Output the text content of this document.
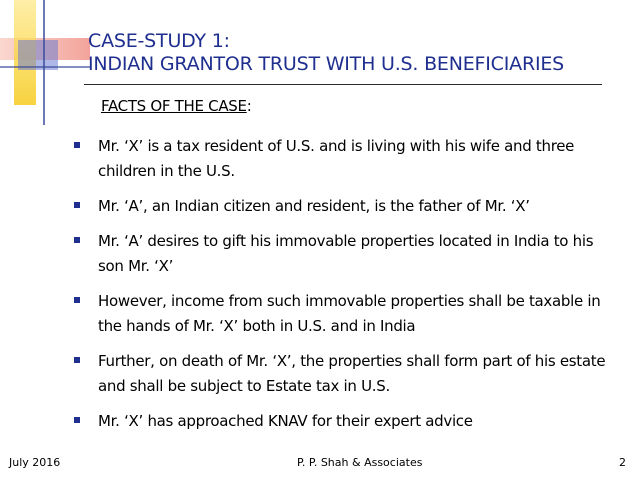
CASE-STUDY 1:
INDIAN GRANTOR TRUST WITH U.S. BENEFICIARIES
FACTS OF THE CASE:
Mr. ‘X’ is a tax resident of U.S. and is living with his wife and three children in the U.S.
Mr. ‘A’, an Indian citizen and resident, is the father of Mr. ‘X’
Mr. ‘A’ desires to gift his immovable properties located in India to his son Mr. ‘X’
However, income from such immovable properties shall be taxable in the hands of Mr. ‘X’ both in U.S. and in India
Further, on death of Mr. ‘X’, the properties shall form part of his estate and shall be subject to Estate tax in U.S.
Mr. ‘X’ has approached KNAV for their expert advice
July 2016	P. P. Shah & Associates	2
